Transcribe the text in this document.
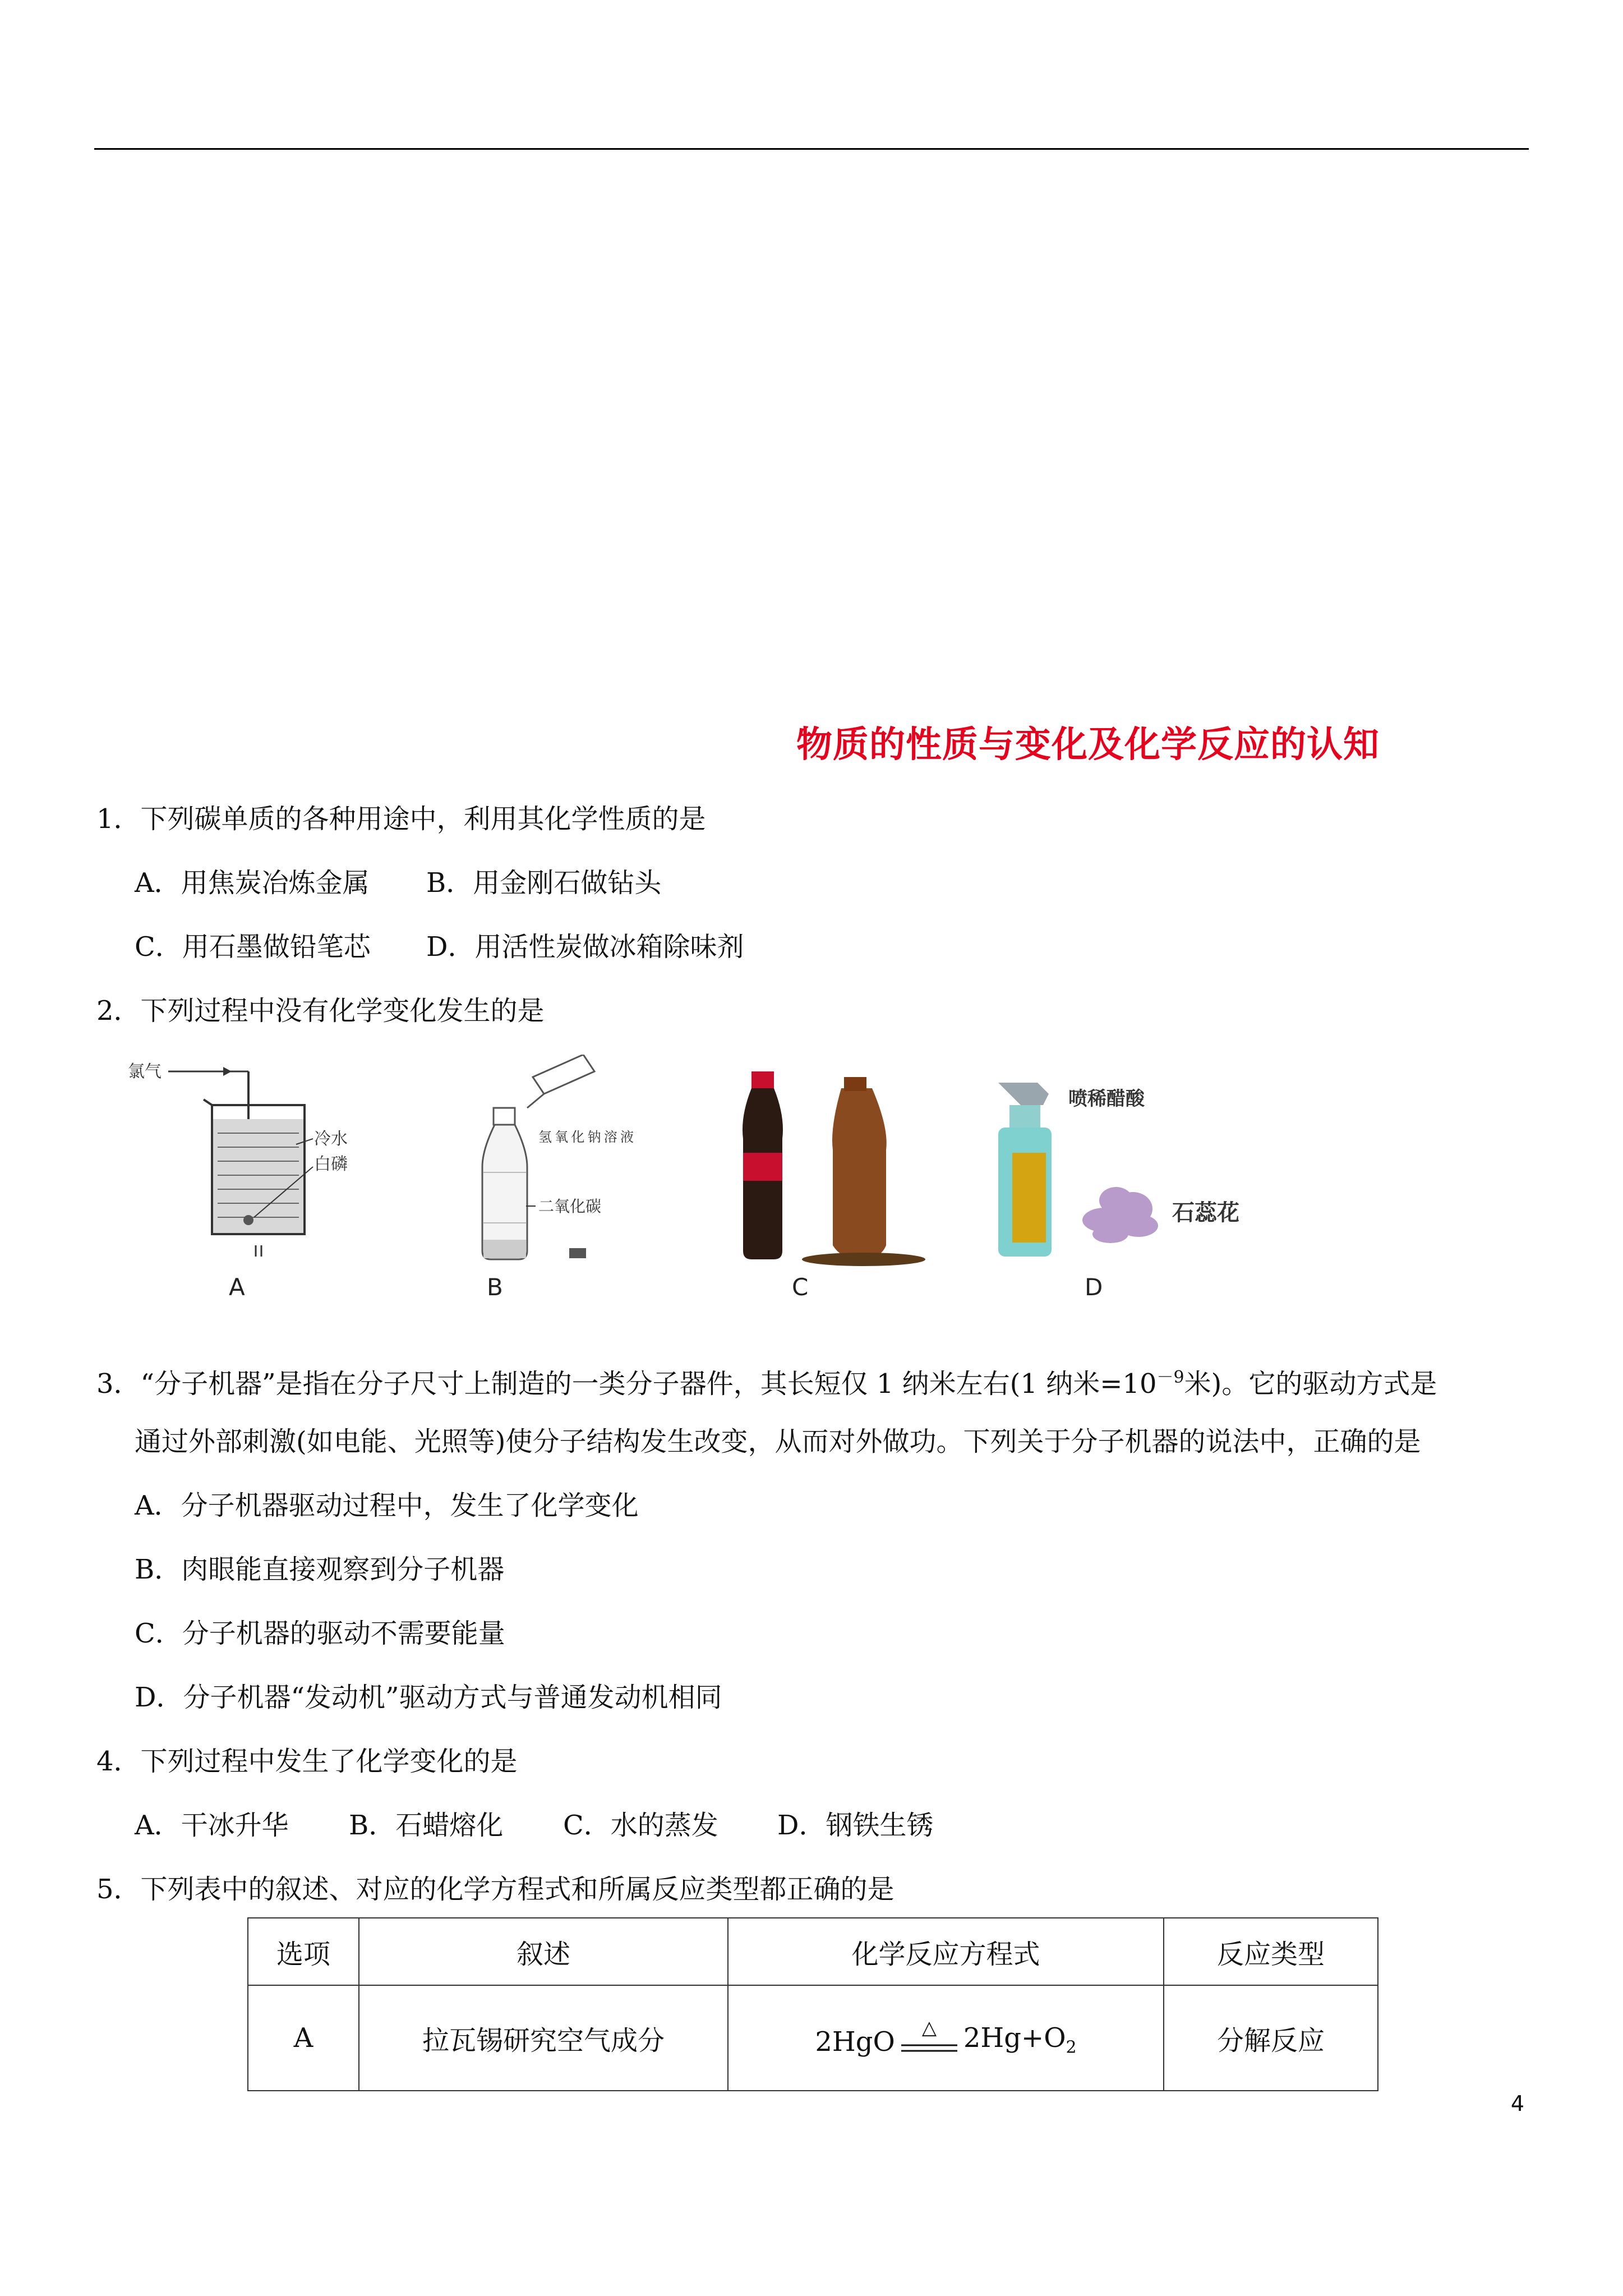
物质的性质与变化及化学反应的认知
1．下列碳单质的各种用途中，利用其化学性质的是
A．用焦炭冶炼金属 B．用金刚石做钻头
C．用石墨做铅笔芯 D．用活性炭做冰箱除味剂
2．下列过程中没有化学变化发生的是
氯气
冷水
白磷
A
氢氧化钠溶液
二氧化碳
B	C
喷稀醋酸
石蕊花
D
3．“分子机器”是指在分子尺寸上制造的一类分子器件，其长短仅 1 纳米左右(1 纳米$=10^{-9}$米)。它的驱动方式是
通过外部刺激(如电能、光照等)使分子结构发生改变，从而对外做功。下列关于分子机器的说法中，正确的是
A．分子机器驱动过程中，发生了化学变化
B．肉眼能直接观察到分子机器
C．分子机器的驱动不需要能量
D．分子机器“发动机”驱动方式与普通发动机相同
4．下列过程中发生了化学变化的是
A．干冰升华 B．石蜡熔化 C．水的蒸发 D．钢铁生锈
5．下列表中的叙述、对应的化学方程式和所属反应类型都正确的是
选项	叙述	化学反应方程式	反应类型
A	拉瓦锡研究空气成分	2HgO △ $2Hg+O_2$	分解反应
4
